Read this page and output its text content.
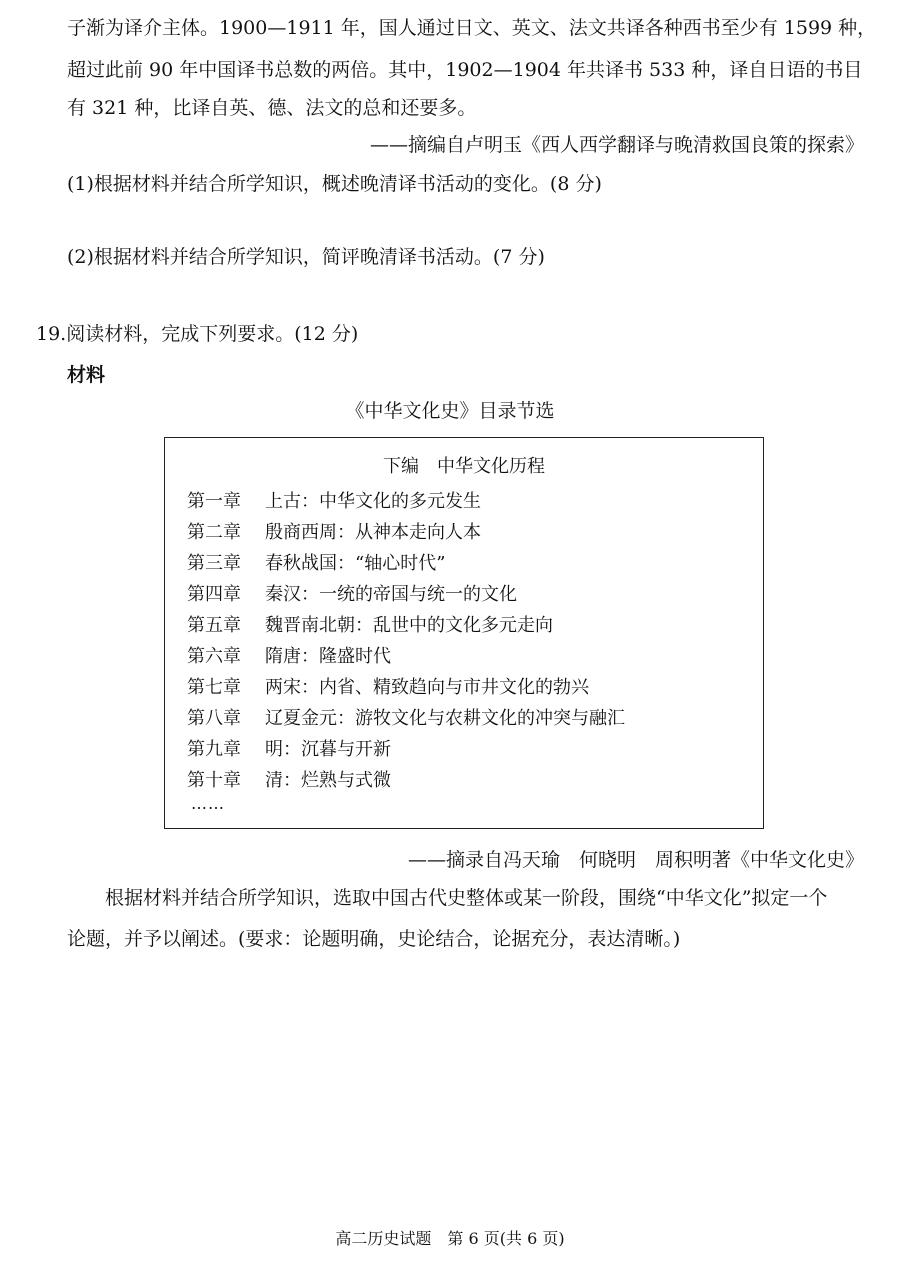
子渐为译介主体。1900—1911 年，国人通过日文、英文、法文共译各种西书至少有 1599 种，
超过此前 90 年中国译书总数的两倍。其中，1902—1904 年共译书 533 种，译自日语的书目
有 321 种，比译自英、德、法文的总和还要多。
——摘编自卢明玉《西人西学翻译与晚清救国良策的探索》
(1)根据材料并结合所学知识，概述晚清译书活动的变化。(8 分)
(2)根据材料并结合所学知识，简评晚清译书活动。(7 分)
19.阅读材料，完成下列要求。(12 分)
材料
《中华文化史》目录节选
下编　中华文化历程
第一章	上古：中华文化的多元发生
第二章	殷商西周：从神本走向人本
第三章	春秋战国：“轴心时代”
第四章	秦汉：一统的帝国与统一的文化
第五章	魏晋南北朝：乱世中的文化多元走向
第六章	隋唐：隆盛时代
第七章	两宋：内省、精致趋向与市井文化的勃兴
第八章	辽夏金元：游牧文化与农耕文化的冲突与融汇
第九章	明：沉暮与开新
第十章	清：烂熟与式微
……
——摘录自冯天瑜　何晓明　周积明著《中华文化史》
　　根据材料并结合所学知识，选取中国古代史整体或某一阶段，围绕“中华文化”拟定一个
论题，并予以阐述。(要求：论题明确，史论结合，论据充分，表达清晰。)
高二历史试题　第 6 页(共 6 页)
